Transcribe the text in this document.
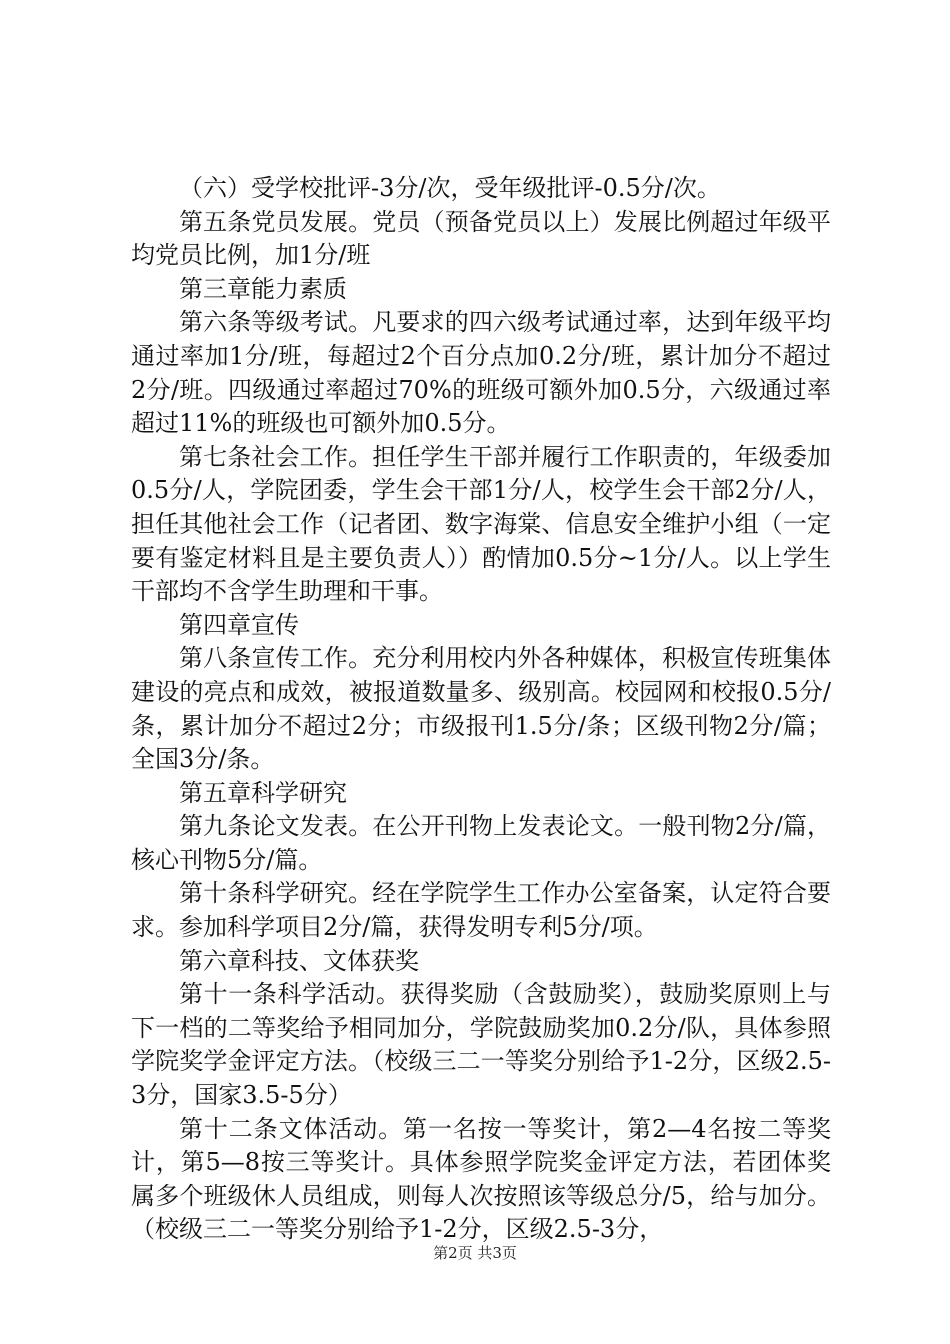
（六）受学校批评-3分/次，受年级批评-0.5分/次。

第五条党员发展。党员（预备党员以上）发展比例超过年级平均党员比例，加1分/班

第三章能力素质

第六条等级考试。凡要求的四六级考试通过率，达到年级平均通过率加1分/班，每超过2个百分点加0.2分/班，累计加分不超过2分/班。四级通过率超过70%的班级可额外加0.5分，六级通过率超过11%的班级也可额外加0.5分。

第七条社会工作。担任学生干部并履行工作职责的，年级委加0.5分/人，学院团委，学生会干部1分/人，校学生会干部2分/人，担任其他社会工作（记者团、数字海棠、信息安全维护小组（一定要有鉴定材料且是主要负责人））酌情加0.5分~1分/人。以上学生干部均不含学生助理和干事。

第四章宣传

第八条宣传工作。充分利用校内外各种媒体，积极宣传班集体建设的亮点和成效，被报道数量多、级别高。校园网和校报0.5分/条，累计加分不超过2分；市级报刊1.5分/条；区级刊物2分/篇；全国3分/条。

第五章科学研究

第九条论文发表。在公开刊物上发表论文。一般刊物2分/篇，核心刊物5分/篇。

第十条科学研究。经在学院学生工作办公室备案，认定符合要求。参加科学项目2分/篇，获得发明专利5分/项。

第六章科技、文体获奖

第十一条科学活动。获得奖励（含鼓励奖），鼓励奖原则上与下一档的二等奖给予相同加分，学院鼓励奖加0.2分/队，具体参照学院奖学金评定方法。（校级三二一等奖分别给予1-2分，区级2.5-3分，国家3.5-5分）

第十二条文体活动。第一名按一等奖计，第2—4名按二等奖计，第5—8按三等奖计。具体参照学院奖金评定方法，若团体奖属多个班级休人员组成，则每人次按照该等级总分/5，给与加分。（校级三二一等奖分别给予1-2分，区级2.5-3分，

第2页 共3页
